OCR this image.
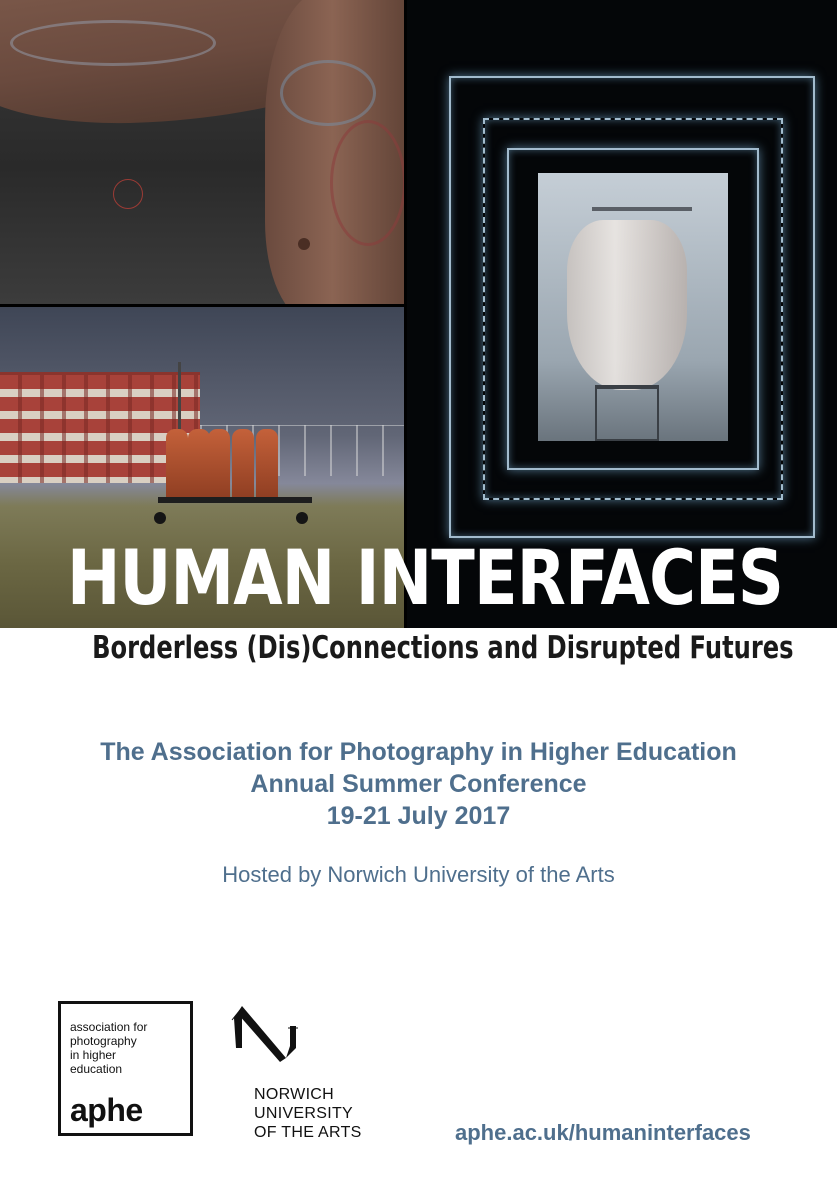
HUMAN INTERFACES
Borderless (Dis)Connections and Disrupted Futures
The Association for Photography in Higher Education
Annual Summer Conference
19-21 July 2017
Hosted by Norwich University of the Arts
association for
photography
in higher
education
aphe	NORWICH
UNIVERSITY
OF THE ARTS	aphe.ac.uk/humaninterfaces
